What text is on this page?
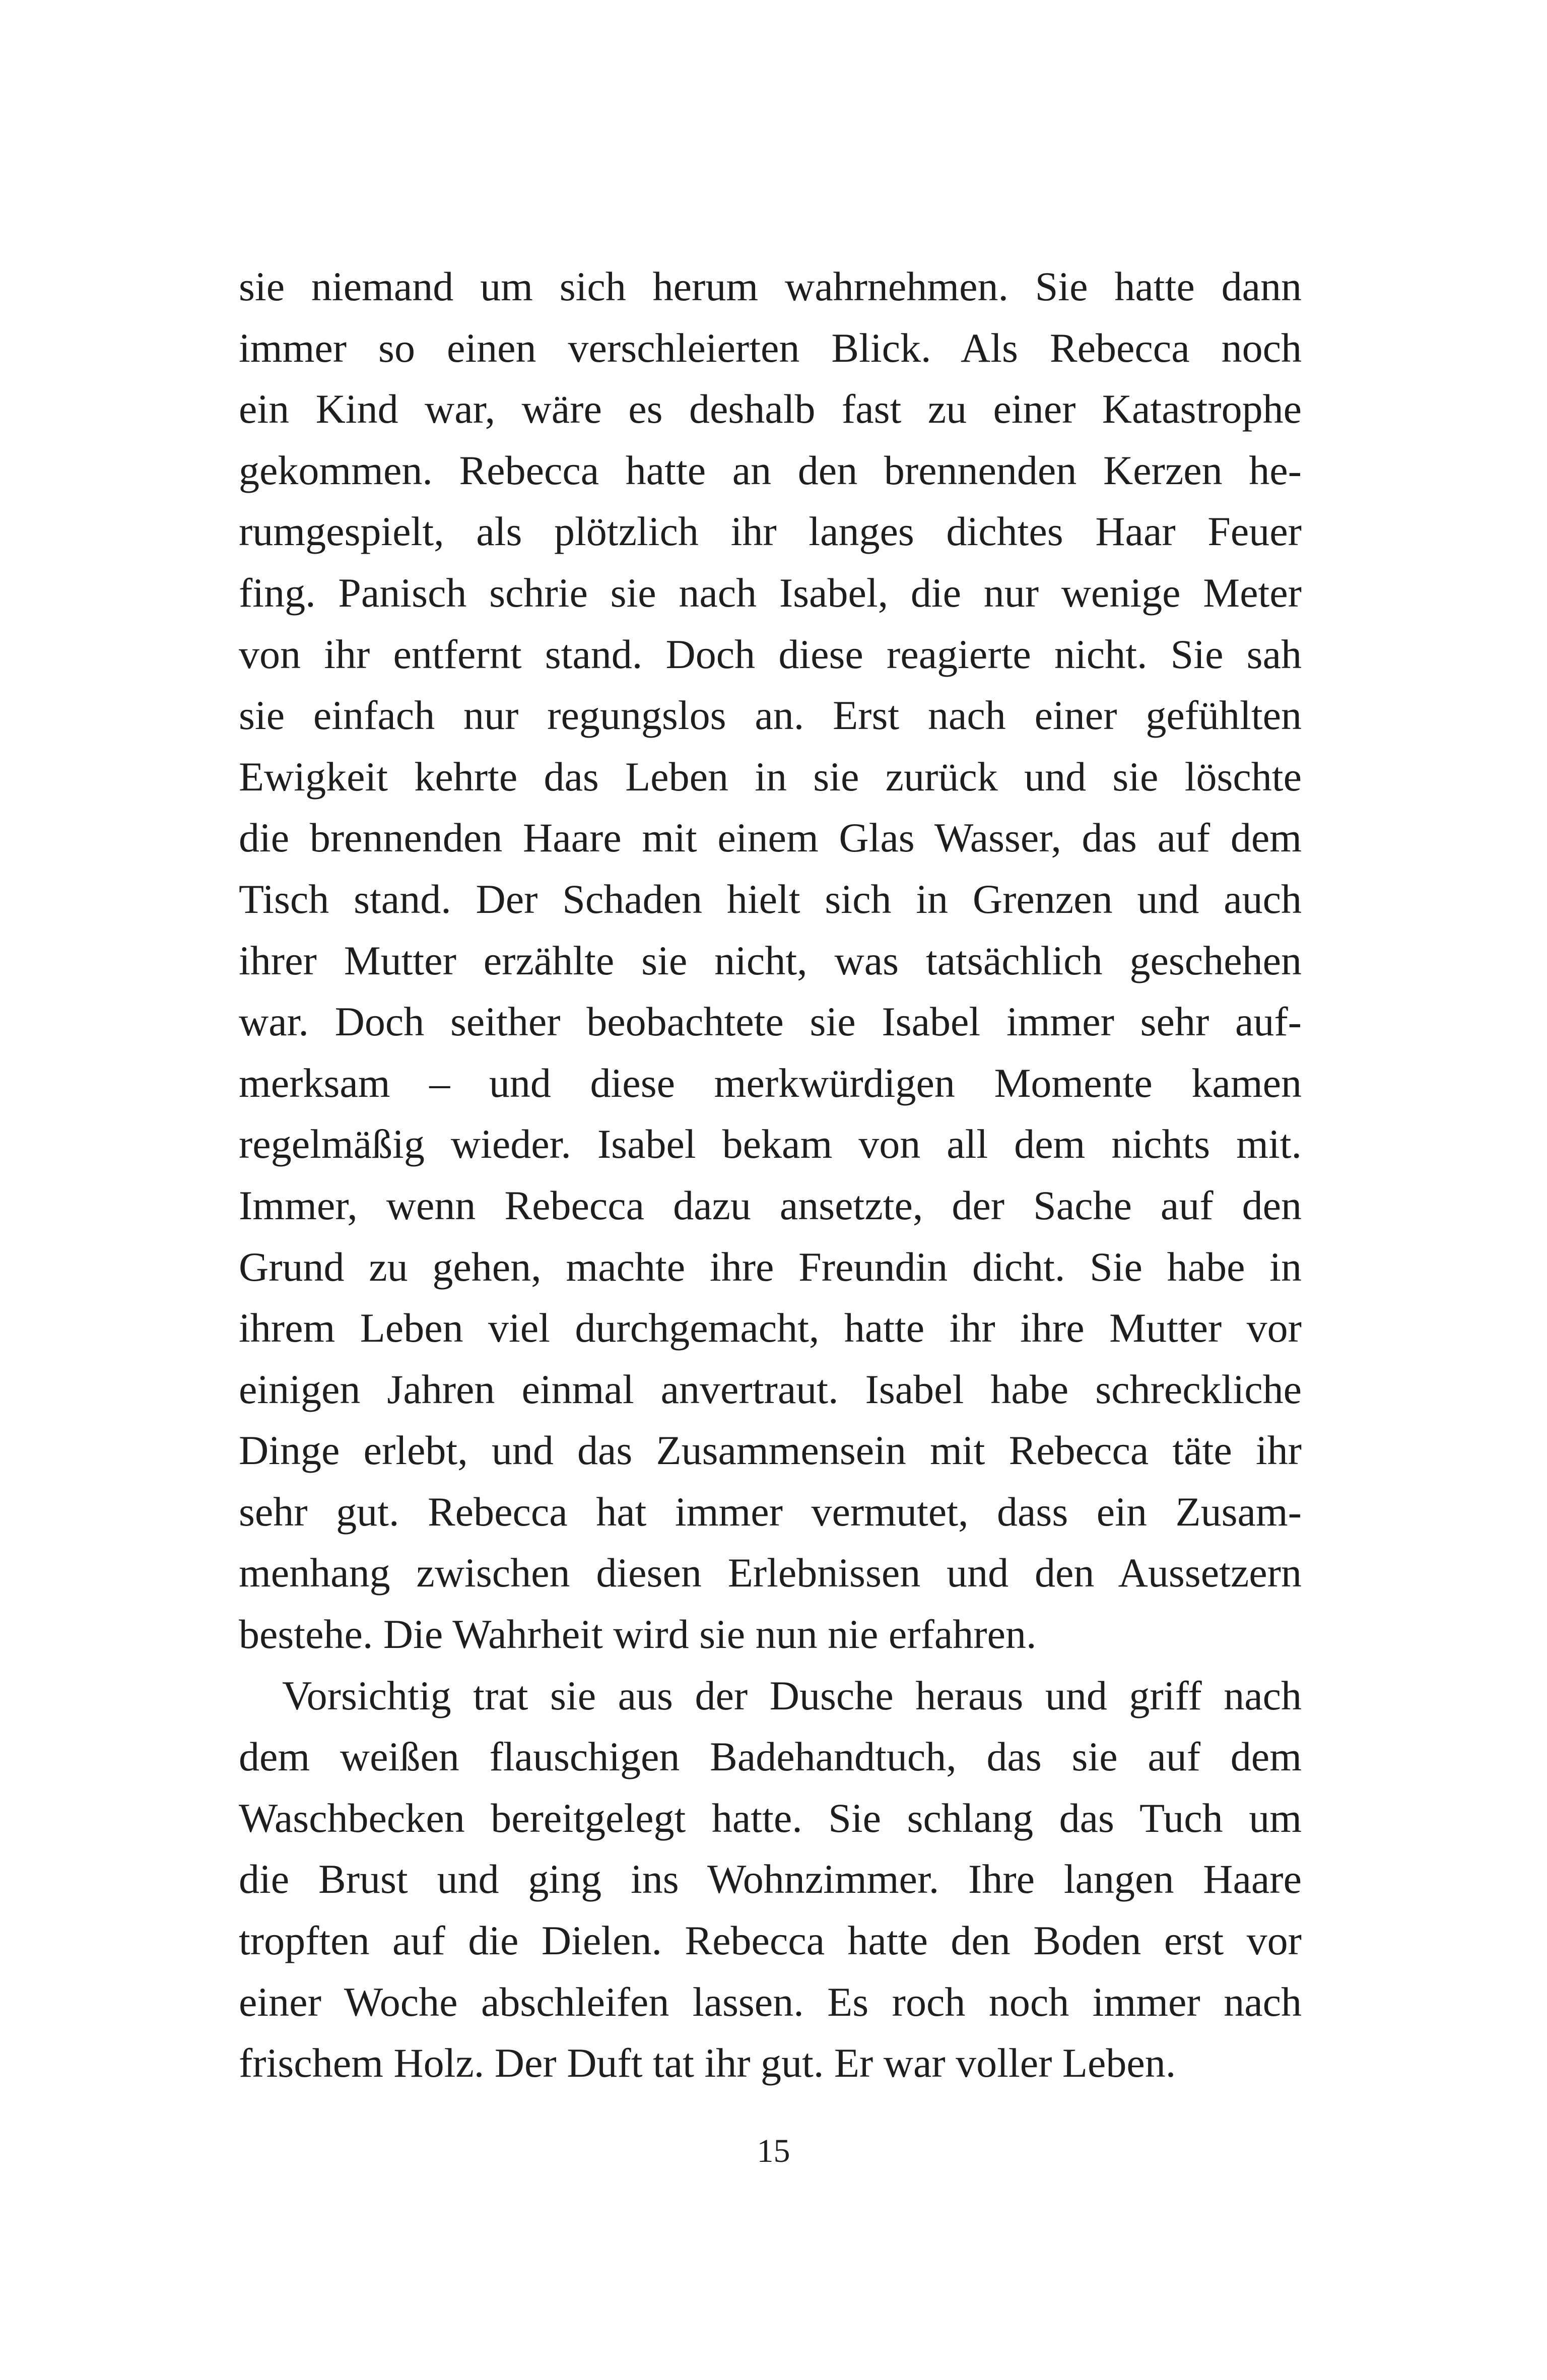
sie niemand um sich herum wahrnehmen. Sie hatte dann
immer so einen verschleierten Blick. Als Rebecca noch
ein Kind war, wäre es deshalb fast zu einer Katastrophe
gekommen. Rebecca hatte an den brennenden Kerzen he-
rumgespielt, als plötzlich ihr langes dichtes Haar Feuer
fing. Panisch schrie sie nach Isabel, die nur wenige Meter
von ihr entfernt stand. Doch diese reagierte nicht. Sie sah
sie einfach nur regungslos an. Erst nach einer gefühlten
Ewigkeit kehrte das Leben in sie zurück und sie löschte
die brennenden Haare mit einem Glas Wasser, das auf dem
Tisch stand. Der Schaden hielt sich in Grenzen und auch
ihrer Mutter erzählte sie nicht, was tatsächlich geschehen
war. Doch seither beobachtete sie Isabel immer sehr auf-
merksam – und diese merkwürdigen Momente kamen
regelmäßig wieder. Isabel bekam von all dem nichts mit.
Immer, wenn Rebecca dazu ansetzte, der Sache auf den
Grund zu gehen, machte ihre Freundin dicht. Sie habe in
ihrem Leben viel durchgemacht, hatte ihr ihre Mutter vor
einigen Jahren einmal anvertraut. Isabel habe schreckliche
Dinge erlebt, und das Zusammensein mit Rebecca täte ihr
sehr gut. Rebecca hat immer vermutet, dass ein Zusam-
menhang zwischen diesen Erlebnissen und den Aussetzern
bestehe. Die Wahrheit wird sie nun nie erfahren.
Vorsichtig trat sie aus der Dusche heraus und griff nach
dem weißen flauschigen Badehandtuch, das sie auf dem
Waschbecken bereitgelegt hatte. Sie schlang das Tuch um
die Brust und ging ins Wohnzimmer. Ihre langen Haare
tropften auf die Dielen. Rebecca hatte den Boden erst vor
einer Woche abschleifen lassen. Es roch noch immer nach
frischem Holz. Der Duft tat ihr gut. Er war voller Leben.
15
